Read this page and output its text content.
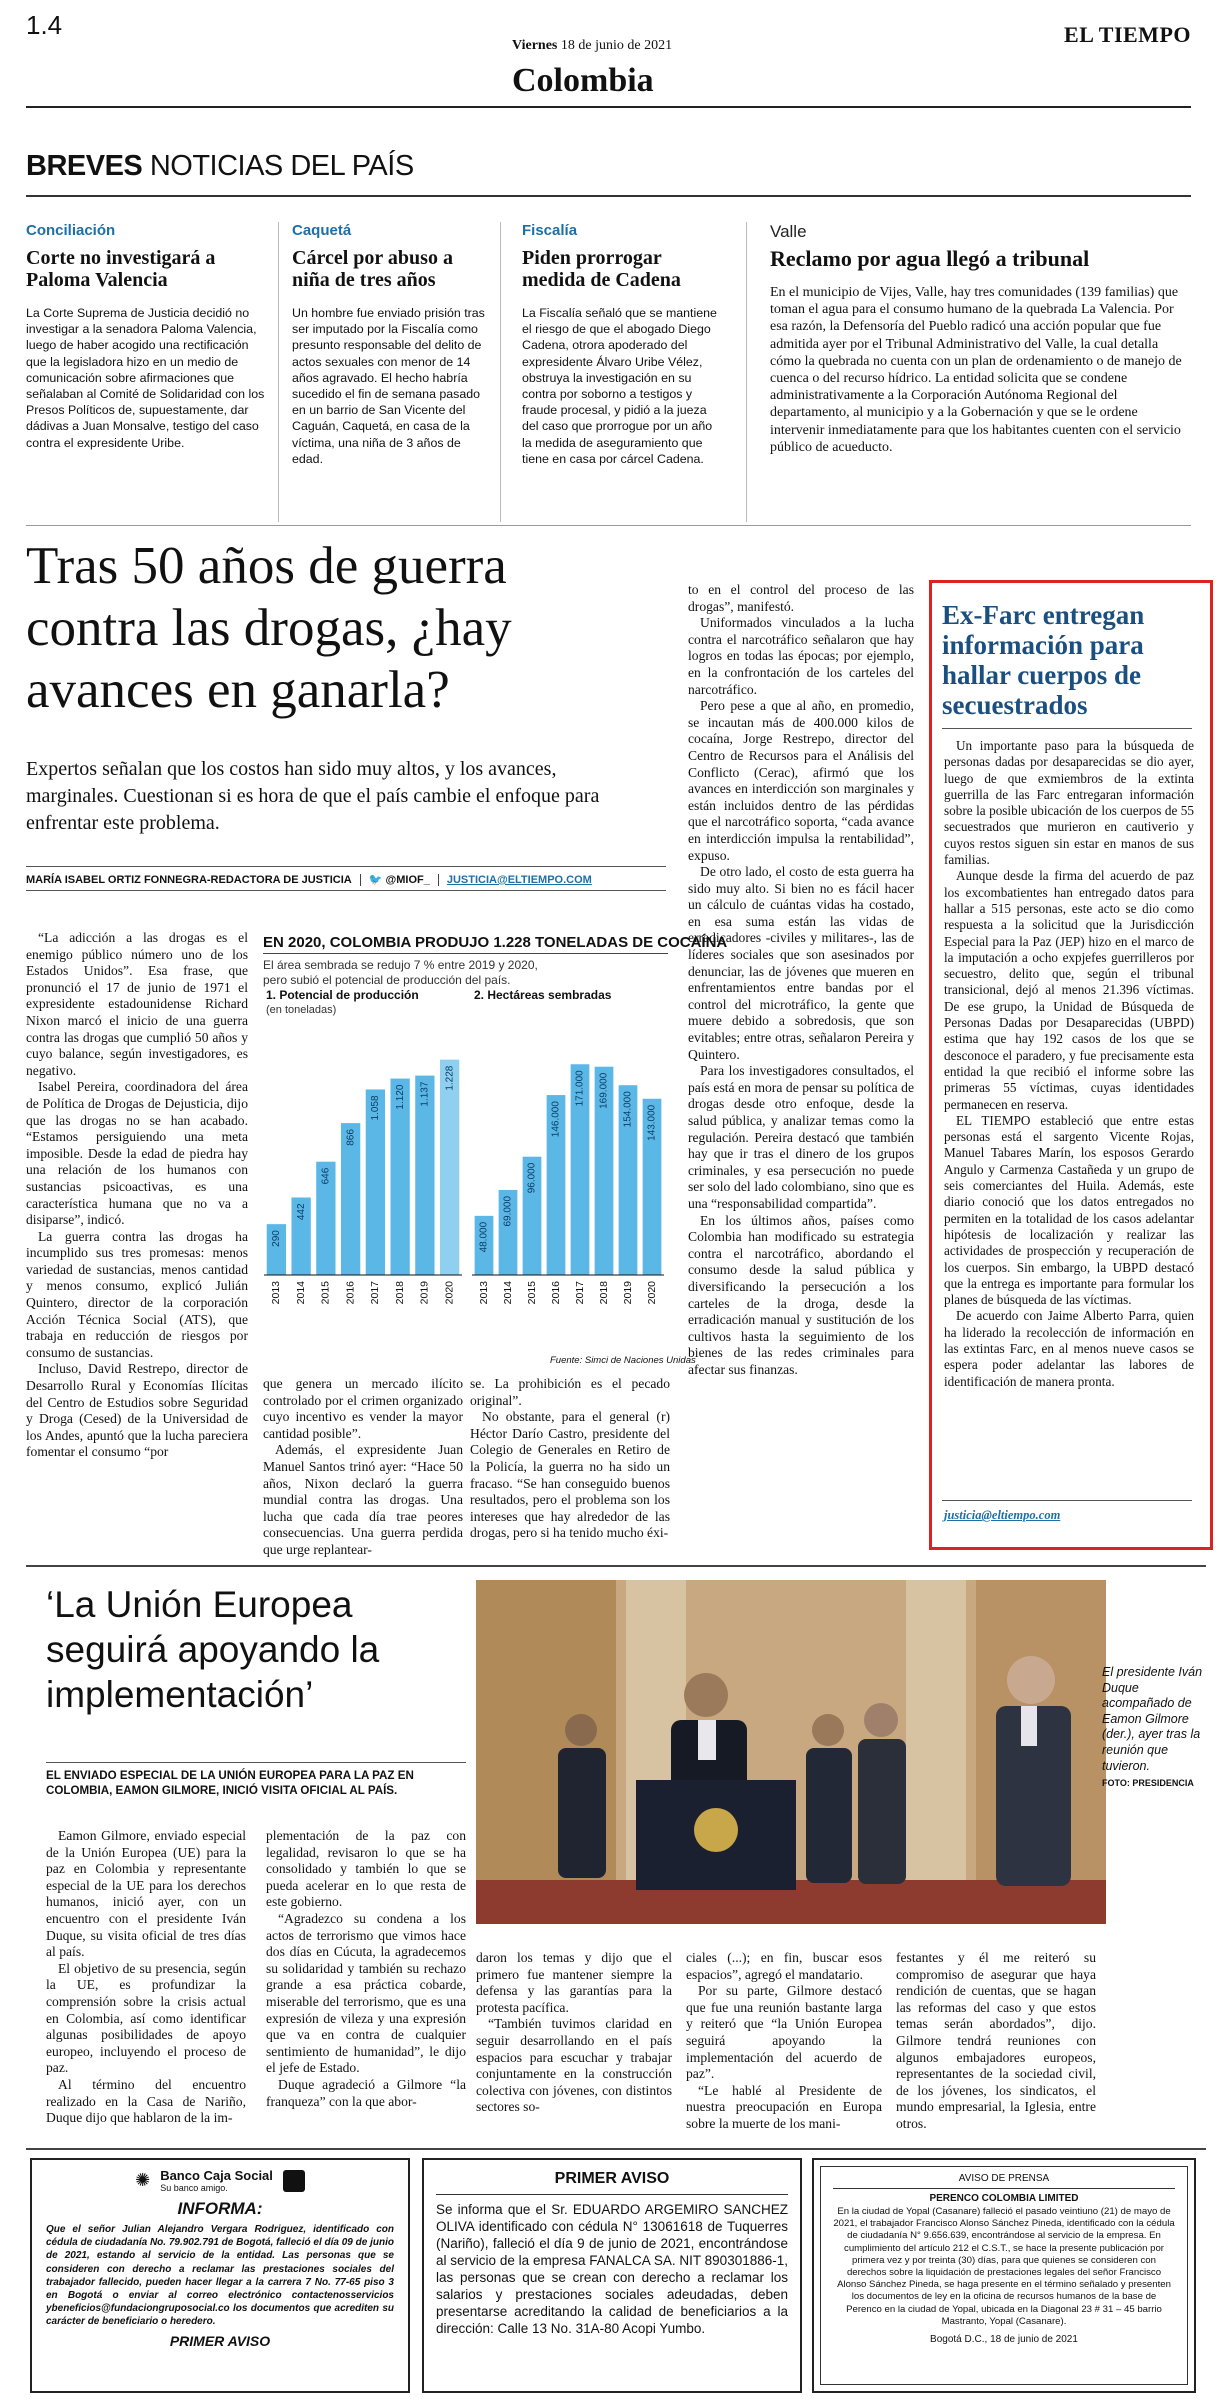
1.4
Viernes 18 de junio de 2021
Colombia
EL TIEMPO
BREVES NOTICIAS DEL PAÍS
Conciliación
Corte no investigará a Paloma Valencia
La Corte Suprema de Justicia decidió no investigar a la senadora Paloma Valencia, luego de haber acogido una rectificación que la legisladora hizo en un medio de comunicación sobre afirmaciones que señalaban al Comité de Solidaridad con los Presos Políticos de, supuestamente, dar dádivas a Juan Monsalve, testigo del caso contra el expresidente Uribe.
Caquetá
Cárcel por abuso a niña de tres años
Un hombre fue enviado prisión tras ser imputado por la Fiscalía como presunto responsable del delito de actos sexuales con menor de 14 años agravado. El hecho habría sucedido el fin de semana pasado en un barrio de San Vicente del Caguán, Caquetá, en casa de la víctima, una niña de 3 años de edad.
Fiscalía
Piden prorrogar medida de Cadena
La Fiscalía señaló que se mantiene el riesgo de que el abogado Diego Cadena, otrora apoderado del expresidente Álvaro Uribe Vélez, obstruya la investigación en su contra por soborno a testigos y fraude procesal, y pidió a la jueza del caso que prorrogue por un año la medida de aseguramiento que tiene en casa por cárcel Cadena.
Valle
Reclamo por agua llegó a tribunal
En el municipio de Vijes, Valle, hay tres comunidades (139 familias) que toman el agua para el consumo humano de la quebrada La Valencia. Por esa razón, la Defensoría del Pueblo radicó una acción popular que fue admitida ayer por el Tribunal Administrativo del Valle, la cual detalla cómo la quebrada no cuenta con un plan de ordenamiento o de manejo de cuenca o del recurso hídrico. La entidad solicita que se condene administrativamente a la Corporación Autónoma Regional del departamento, al municipio y a la Gobernación y que se le ordene intervenir inmediatamente para que los habitantes cuenten con el servicio público de acueducto.
Tras 50 años de guerra contra las drogas, ¿hay avances en ganarla?
Expertos señalan que los costos han sido muy altos, y los avances, marginales. Cuestionan si es hora de que el país cambie el enfoque para enfrentar este problema.
MARÍA ISABEL ORTIZ FONNEGRA-REDACTORA DE JUSTICIA 🐦 @MIOF_ JUSTICIA@ELTIEMPO.COM

“La adicción a las drogas es el enemigo público número uno de los Estados Unidos”. Esa frase, que pronunció el 17 de junio de 1971 el expresidente estadounidense Richard Nixon marcó el inicio de una guerra contra las drogas que cumplió 50 años y cuyo balance, según investigadores, es negativo.

Isabel Pereira, coordinadora del área de Política de Drogas de Dejusticia, dijo que las drogas no se han acabado. “Estamos persiguiendo una meta imposible. Desde la edad de piedra hay una relación de los humanos con sustancias psicoactivas, es una característica humana que no va a disiparse”, indicó.

La guerra contra las drogas ha incumplido sus tres promesas: menos variedad de sustancias, menos cantidad y menos consumo, explicó Julián Quintero, director de la corporación Acción Técnica Social (ATS), que trabaja en reducción de riesgos por consumo de sustancias.

Incluso, David Restrepo, director de Desarrollo Rural y Economías Ilícitas del Centro de Estudios sobre Seguridad y Droga (Cesed) de la Universidad de los Andes, apuntó que la lucha pareciera fomentar el consumo “por

EN 2020, COLOMBIA PRODUJO 1.228 TONELADAS DE COCAÍNA
El área sembrada se redujo 7 % entre 2019 y 2020,
pero subió el potencial de producción del país.
1. Potencial de producción
(en toneladas)
290
2013
442
2014
646
2015
866
2016
1.058
2017
1.120
2018
1.137
2019
1.228
2020
2. Hectáreas sembradas
48.000
2013
69.000
2014
96.000
2015
146.000
2016
171.000
2017
169.000
2018
154.000
2019
143.000
2020
Fuente: Simci de Naciones Unidas

que genera un mercado ilícito controlado por el crimen organizado cuyo incentivo es vender la mayor cantidad posible”.

Además, el expresidente Juan Manuel Santos trinó ayer: “Hace 50 años, Nixon declaró la guerra mundial contra las drogas. Una lucha que cada día trae peores consecuencias. Una guerra perdida que urge replantear-

se. La prohibición es el pecado original”.

No obstante, para el general (r) Héctor Darío Castro, presidente del Colegio de Generales en Retiro de la Policía, la guerra no ha sido un fracaso. “Se han conseguido buenos resultados, pero el problema son los intereses que hay alrededor de las drogas, pero si ha tenido mucho éxi-

to en el control del proceso de las drogas”, manifestó.

Uniformados vinculados a la lucha contra el narcotráfico señalaron que hay logros en todas las épocas; por ejemplo, en la confrontación de los carteles del narcotráfico.

Pero pese a que al año, en promedio, se incautan más de 400.000 kilos de cocaína, Jorge Restrepo, director del Centro de Recursos para el Análisis del Conflicto (Cerac), afirmó que los avances en interdicción son marginales y están incluidos dentro de las pérdidas que el narcotráfico soporta, “cada avance en interdicción impulsa la rentabilidad”, expuso.

De otro lado, el costo de esta guerra ha sido muy alto. Si bien no es fácil hacer un cálculo de cuántas vidas ha costado, en esa suma están las vidas de erradicadores -civiles y militares-, las de líderes sociales que son asesinados por denunciar, las de jóvenes que mueren en enfrentamientos entre bandas por el control del microtráfico, la gente que muere debido a sobredosis, que son evitables; entre otras, señalaron Pereira y Quintero.

Para los investigadores consultados, el país está en mora de pensar su política de drogas desde otro enfoque, desde la salud pública, y analizar temas como la regulación. Pereira destacó que también hay que ir tras el dinero de los grupos criminales, y esa persecución no puede ser solo del lado colombiano, sino que es una “responsabilidad compartida”.

En los últimos años, países como Colombia han modificado su estrategia contra el narcotráfico, abordando el consumo desde la salud pública y diversificando la persecución a los carteles de la droga, desde la erradicación manual y sustitución de los cultivos hasta la seguimiento de los bienes de las redes criminales para afectar sus finanzas.

Ex-Farc entregan información para hallar cuerpos de secuestrados

Un importante paso para la búsqueda de personas dadas por desaparecidas se dio ayer, luego de que exmiembros de la extinta guerrilla de las Farc entregaran información sobre la posible ubicación de los cuerpos de 55 secuestrados que murieron en cautiverio y cuyos restos siguen sin estar en manos de sus familias.

Aunque desde la firma del acuerdo de paz los excombatientes han entregado datos para hallar a 515 personas, este acto se dio como respuesta a la solicitud que la Jurisdicción Especial para la Paz (JEP) hizo en el marco de la imputación a ocho expjefes guerrilleros por secuestro, delito que, según el tribunal transicional, dejó al menos 21.396 víctimas. De ese grupo, la Unidad de Búsqueda de Personas Dadas por Desaparecidas (UBPD) estima que hay 192 casos de los que se desconoce el paradero, y fue precisamente esta entidad la que recibió el informe sobre las primeras 55 víctimas, cuyas identidades permanecen en reserva.

EL TIEMPO estableció que entre estas personas está el sargento Vicente Rojas, Manuel Tabares Marín, los esposos Gerardo Angulo y Carmenza Castañeda y un grupo de seis comerciantes del Huila. Además, este diario conoció que los datos entregados no permiten en la totalidad de los casos adelantar hipótesis de localización y realizar las actividades de prospección y recuperación de los cuerpos. Sin embargo, la UBPD destacó que la entrega es importante para formular los planes de búsqueda de las víctimas.

De acuerdo con Jaime Alberto Parra, quien ha liderado la recolección de información en las extintas Farc, en al menos nueve casos se espera poder adelantar las labores de identificación de manera pronta.

justicia@eltiempo.com
‘La Unión Europea seguirá apoyando la implementación’
EL ENVIADO ESPECIAL DE LA UNIÓN EUROPEA PARA LA PAZ EN COLOMBIA, EAMON GILMORE, INICIÓ VISITA OFICIAL AL PAÍS.
El presidente Iván Duque acompañado de Eamon Gilmore (der.), ayer tras la reunión que tuvieron.
FOTO: PRESIDENCIA

Eamon Gilmore, enviado especial de la Unión Europea (UE) para la paz en Colombia y representante especial de la UE para los derechos humanos, inició ayer, con un encuentro con el presidente Iván Duque, su visita oficial de tres días al país.

El objetivo de su presencia, según la UE, es profundizar la comprensión sobre la crisis actual en Colombia, así como identificar algunas posibilidades de apoyo europeo, incluyendo el proceso de paz.

Al término del encuentro realizado en la Casa de Nariño, Duque dijo que hablaron de la im-

plementación de la paz con legalidad, revisaron lo que se ha consolidado y también lo que se pueda acelerar en lo que resta de este gobierno.

“Agradezco su condena a los actos de terrorismo que vimos hace dos días en Cúcuta, la agradecemos su solidaridad y también su rechazo grande a esa práctica cobarde, miserable del terrorismo, que es una expresión de vileza y una expresión que va en contra de cualquier sentimiento de humanidad”, le dijo el jefe de Estado.

Duque agradeció a Gilmore “la franqueza” con la que abor-

daron los temas y dijo que el primero fue mantener siempre la defensa y las garantías para la protesta pacífica.

“También tuvimos claridad en seguir desarrollando en el país espacios para escuchar y trabajar conjuntamente en la construcción colectiva con jóvenes, con distintos sectores so-

ciales (...); en fin, buscar esos espacios”, agregó el mandatario.

Por su parte, Gilmore destacó que fue una reunión bastante larga y reiteró que “la Unión Europea seguirá apoyando la implementación del acuerdo de paz”.

“Le hablé al Presidente de nuestra preocupación en Europa sobre la muerte de los mani-

festantes y él me reiteró su compromiso de asegurar que haya rendición de cuentas, que se hagan las reformas del caso y que estos temas serán abordados”, dijo. Gilmore tendrá reuniones con algunos embajadores europeos, representantes de la sociedad civil, de los jóvenes, los sindicatos, el mundo empresarial, la Iglesia, entre otros.

✺ Banco Caja Social
Su banco amigo.
INFORMA:
Que el señor Julian Alejandro Vergara Rodriguez, identificado con cédula de ciudadanía No. 79.902.791 de Bogotá, falleció el día 09 de junio de 2021, estando al servicio de la entidad. Las personas que se consideren con derecho a reclamar las prestaciones sociales del trabajador fallecido, pueden hacer llegar a la carrera 7 No. 77-65 piso 3 en Bogotá o enviar al correo electrónico contactenosservicios ybeneficios@fundaciongruposocial.co los documentos que acrediten su carácter de beneficiario o heredero.
PRIMER AVISO
PRIMER AVISO
Se informa que el Sr. EDUARDO ARGEMIRO SANCHEZ OLIVA identificado con cédula N° 13061618 de Tuquerres (Nariño), falleció el día 9 de junio de 2021, encontrándose al servicio de la empresa FANALCA SA. NIT 890301886-1, las personas que se crean con derecho a reclamar los salarios y prestaciones sociales adeudadas, deben presentarse acreditando la calidad de beneficiarios a la dirección: Calle 13 No. 31A-80 Acopi Yumbo.
AVISO DE PRENSA
PERENCO COLOMBIA LIMITED
En la ciudad de Yopal (Casanare) falleció el pasado veintiuno (21) de mayo de 2021, el trabajador Francisco Alonso Sánchez Pineda, identificado con la cédula de ciudadanía N° 9.656.639, encontrándose al servicio de la empresa. En cumplimiento del artículo 212 el C.S.T., se hace la presente publicación por primera vez y por treinta (30) días, para que quienes se consideren con derechos sobre la liquidación de prestaciones legales del señor Francisco Alonso Sánchez Pineda, se haga presente en el término señalado y presenten los documentos de ley en la oficina de recursos humanos de la base de Perenco en la ciudad de Yopal, ubicada en la Diagonal 23 # 31 – 45 barrio Mastranto, Yopal (Casanare).
Bogotá D.C., 18 de junio de 2021
